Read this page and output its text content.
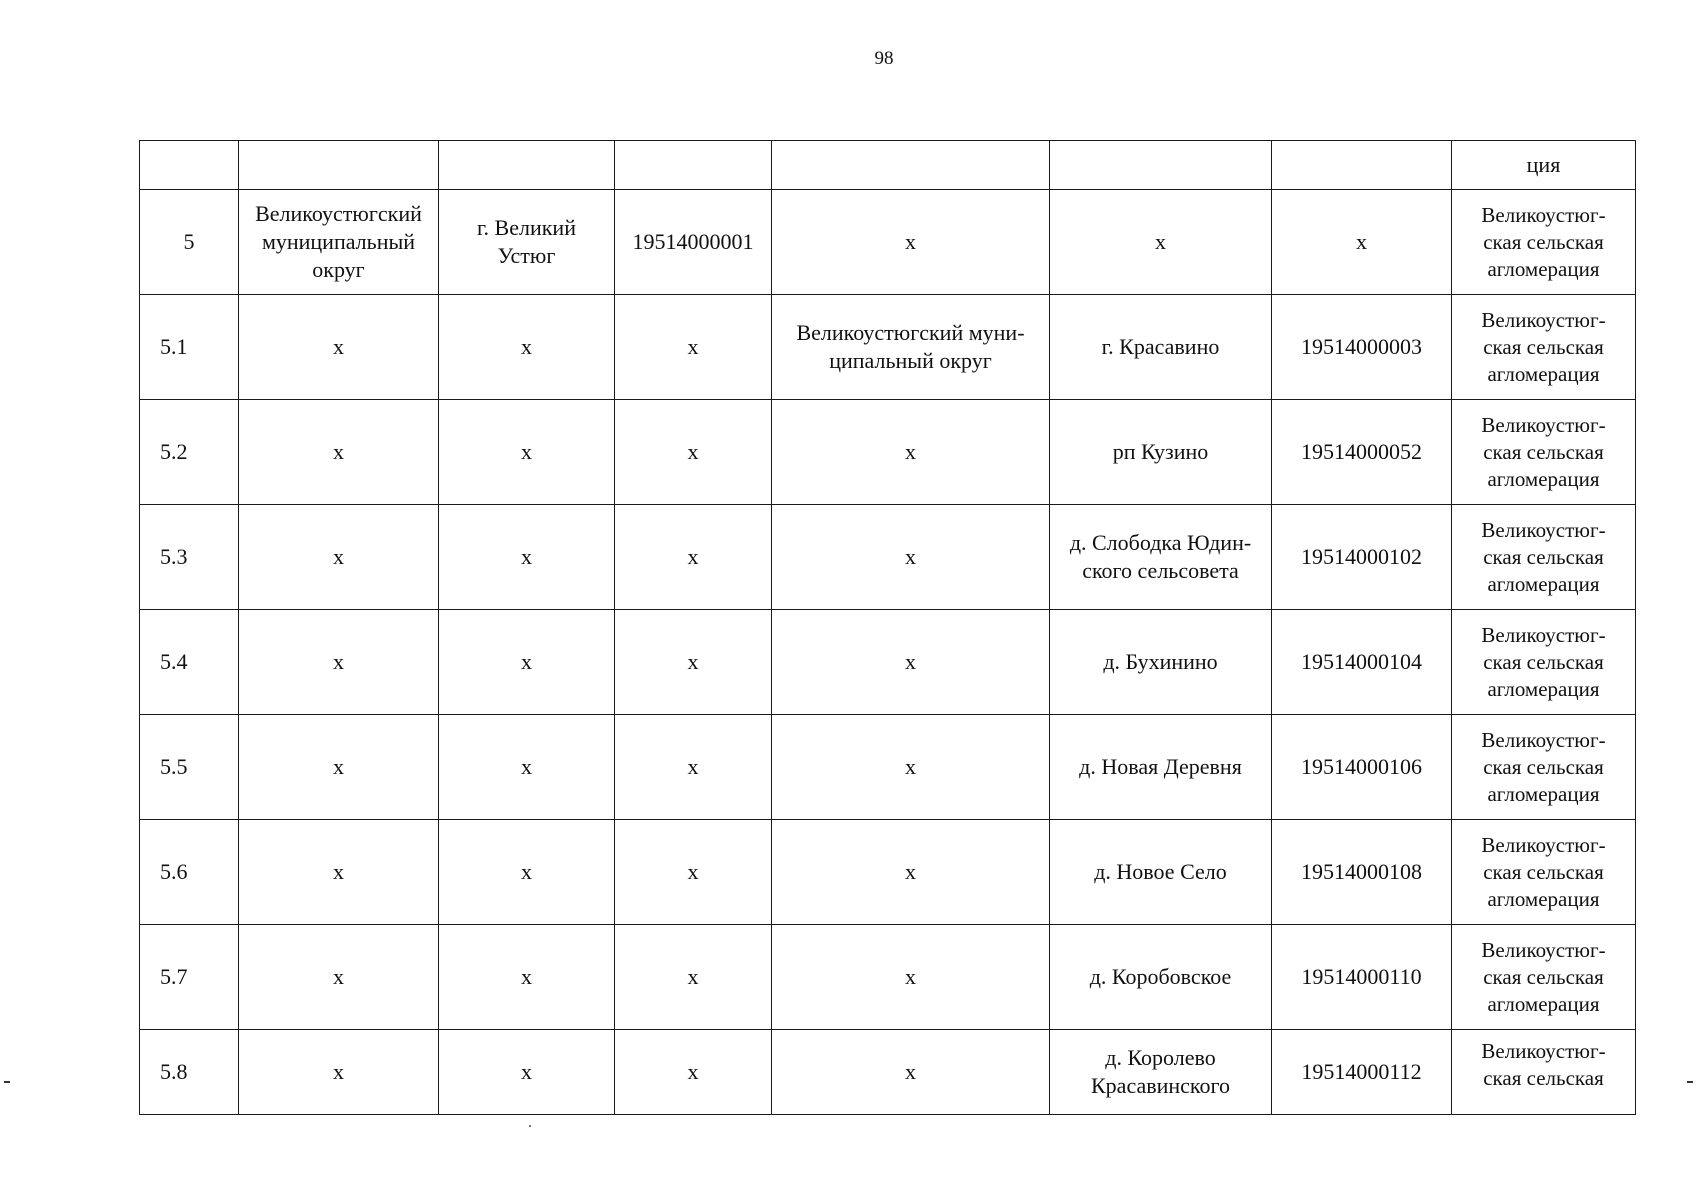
98
							ция
5	Великоустюгский
муниципальный
округ	г. Великий
Устюг	19514000001	х	х	х	Великоустюг-
ская сельская
агломерация
5.1	х	х	х	Великоустюгский муни-
ципальный округ	г. Красавино	19514000003	Великоустюг-
ская сельская
агломерация
5.2	х	х	х	х	рп Кузино	19514000052	Великоустюг-
ская сельская
агломерация
5.3	х	х	х	х	д. Слободка Юдин-
ского сельсовета	19514000102	Великоустюг-
ская сельская
агломерация
5.4	х	х	х	х	д. Бухинино	19514000104	Великоустюг-
ская сельская
агломерация
5.5	х	х	х	х	д. Новая Деревня	19514000106	Великоустюг-
ская сельская
агломерация
5.6	х	х	х	х	д. Новое Село	19514000108	Великоустюг-
ская сельская
агломерация
5.7	х	х	х	х	д. Коробовское	19514000110	Великоустюг-
ская сельская
агломерация
5.8	х	х	х	х	д. Королево
Красавинского	19514000112	Великоустюг-
ская сельская
